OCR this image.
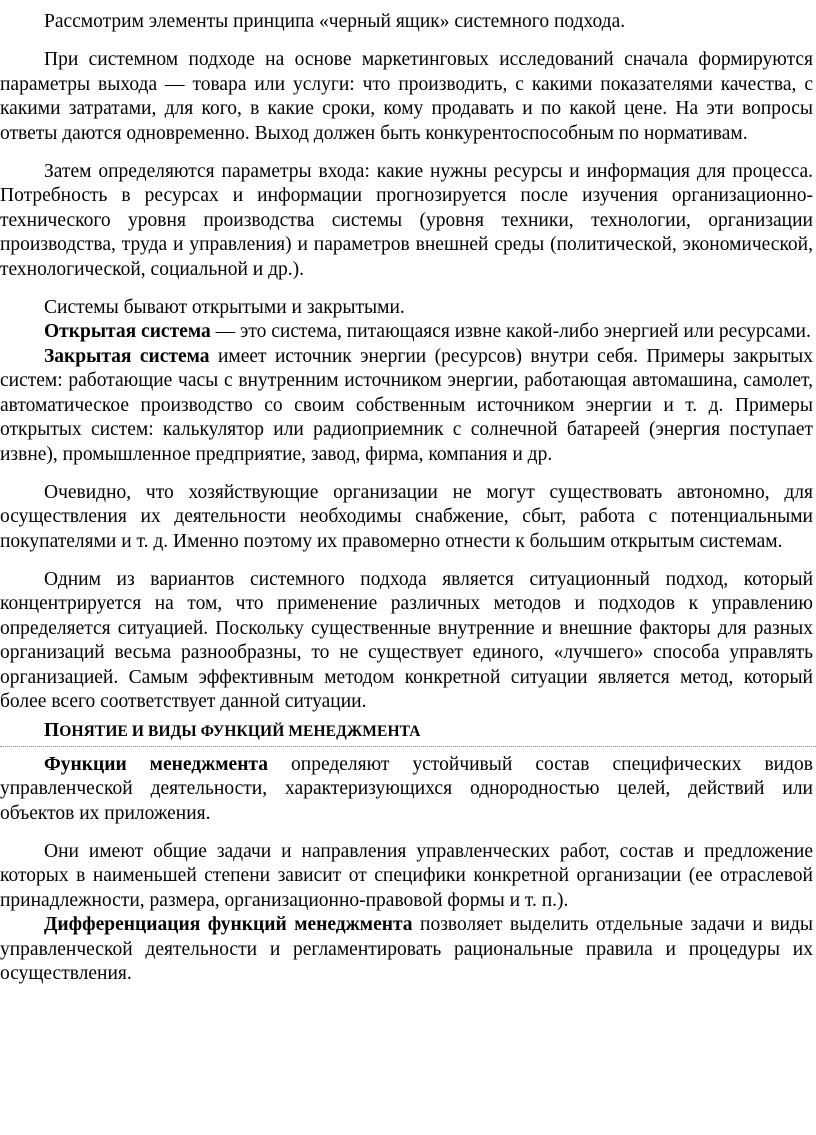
Рассмотрим элементы принципа «черный ящик» системного подхода.

При системном подходе на основе маркетинговых исследований сначала формируются параметры выхода — товара или услуги: что производить, с какими показателями качества, с какими затратами, для кого, в какие сроки, кому продавать и по какой цене. На эти вопросы ответы даются одновременно. Выход должен быть конкурентоспособным по нормативам.

Затем определяются параметры входа: какие нужны ресурсы и информация для процесса. Потребность в ресурсах и информации прогнозируется после изучения организационно-технического уровня производства системы (уровня техники, технологии, организации производства, труда и управления) и параметров внешней среды (политической, экономической, технологической, социальной и др.).

Системы бывают открытыми и закрытыми.

Открытая система — это система, питающаяся извне какой-либо энергией или ресурсами.

Закрытая система имеет источник энергии (ресурсов) внутри себя. Примеры закрытых систем: работающие часы с внутренним источником энергии, работающая автомашина, самолет, автоматическое производство со своим собственным источником энергии и т. д. Примеры открытых систем: калькулятор или радиоприемник с солнечной батареей (энергия поступает извне), промышленное предприятие, завод, фирма, компания и др.

Очевидно, что хозяйствующие организации не могут существовать автономно, для осуществления их деятельности необходимы снабжение, сбыт, работа с потенциальными покупателями и т. д. Именно поэтому их правомерно отнести к большим открытым системам.

Одним из вариантов системного подхода является ситуационный подход, который концентрируется на том, что применение различных методов и подходов к управлению определяется ситуацией. Поскольку существенные внутренние и внешние факторы для разных организаций весьма разнообразны, то не существует единого, «лучшего» способа управлять организацией. Самым эффективным методом конкретной ситуации является метод, который более всего соответствует данной ситуации.

ПОНЯТИЕ И ВИДЫ ФУНКЦИЙ МЕНЕДЖМЕНТА

Функции менеджмента определяют устойчивый состав специфических видов управленческой деятельности, характеризующихся однородностью целей, действий или объектов их приложения.

Они имеют общие задачи и направления управленческих работ, состав и предложение которых в наименьшей степени зависит от специфики конкретной организации (ее отраслевой принадлежности, размера, организационно-правовой формы и т. п.).

Дифференциация функций менеджмента позволяет выделить отдельные задачи и виды управленческой деятельности и регламентировать рациональные правила и процедуры их осуществления.
